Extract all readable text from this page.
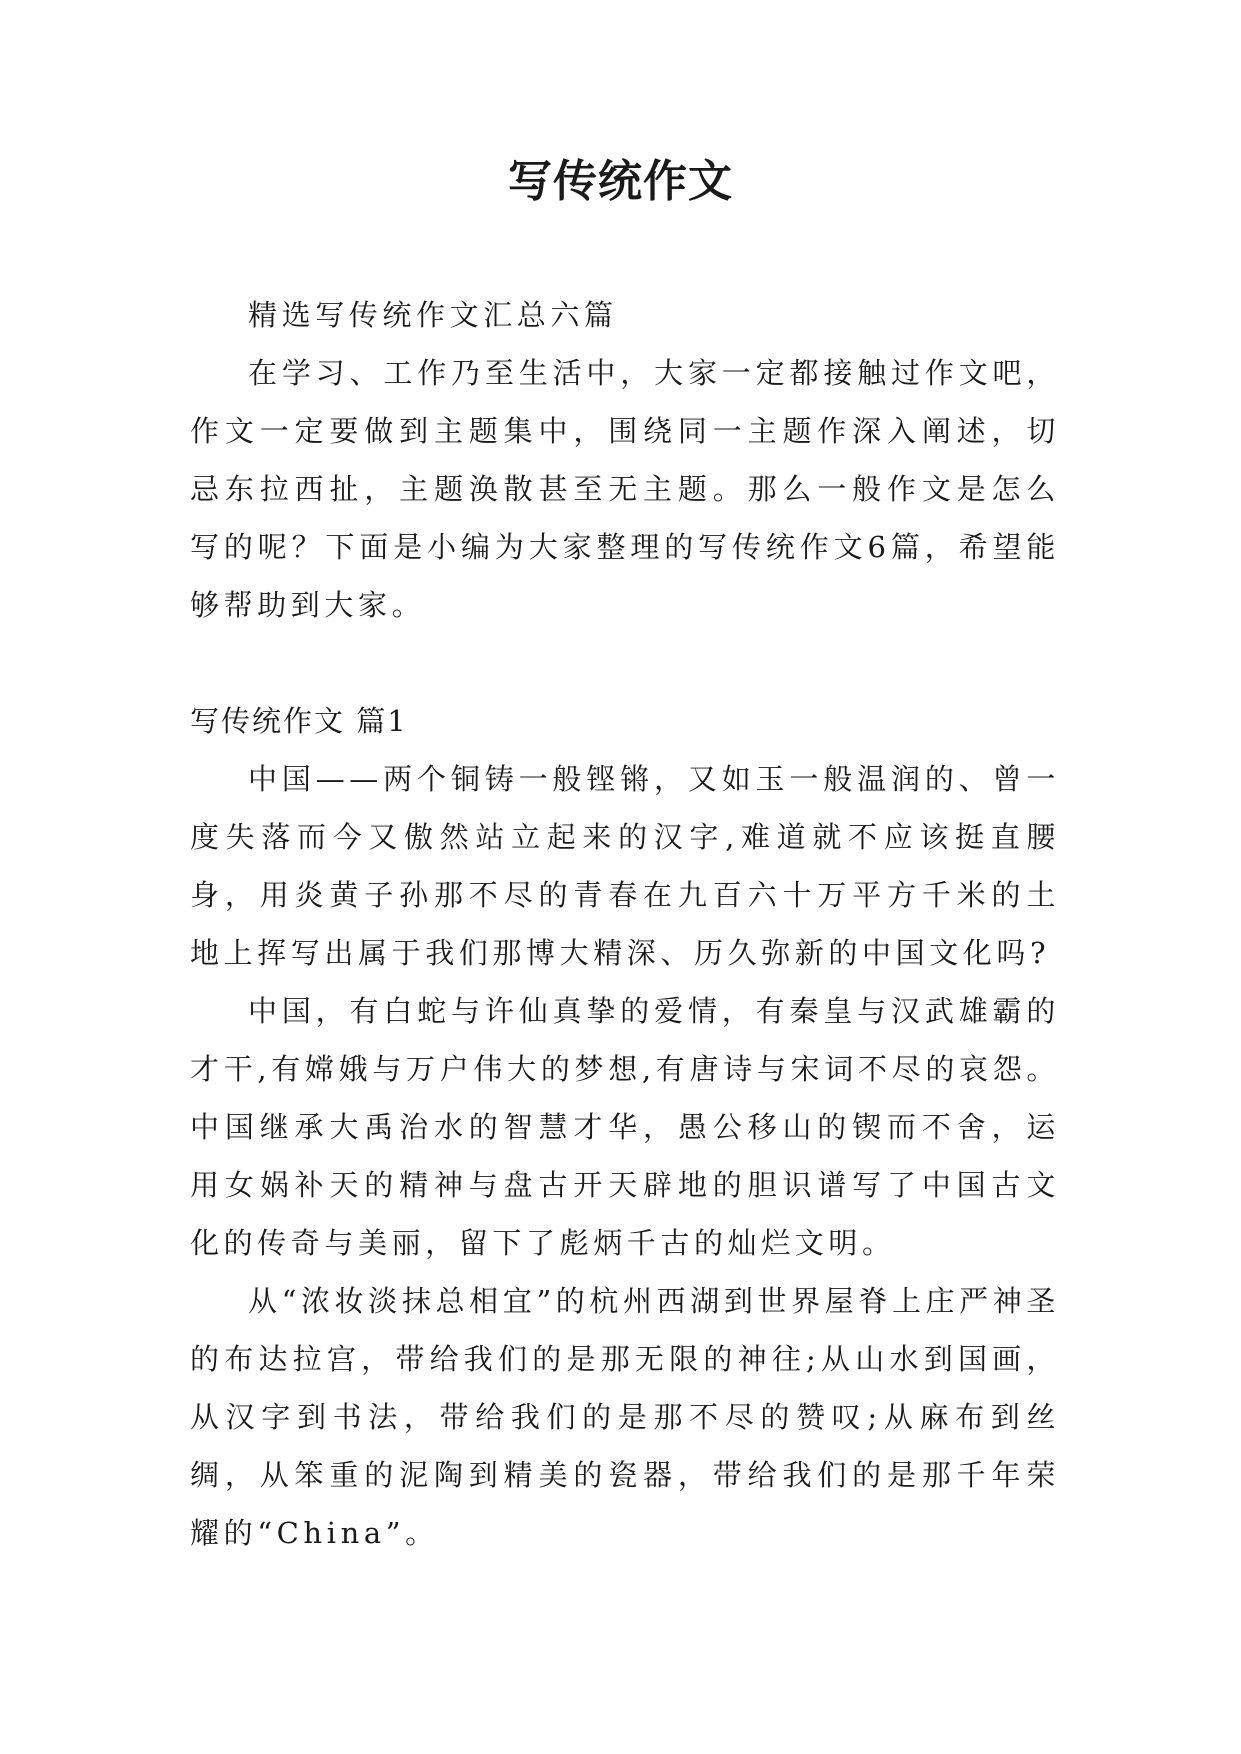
写传统作文

精选写传统作文汇总六篇

在学习、工作乃至生活中，大家一定都接触过作文吧，作文一定要做到主题集中，围绕同一主题作深入阐述，切忌东拉西扯，主题涣散甚至无主题。那么一般作文是怎么写的呢？下面是小编为大家整理的写传统作文6篇，希望能够帮助到大家。

写传统作文 篇1

中国——两个铜铸一般铿锵，又如玉一般温润的、曾一度失落而今又傲然站立起来的汉字,难道就不应该挺直腰身，用炎黄子孙那不尽的青春在九百六十万平方千米的土地上挥写出属于我们那博大精深、历久弥新的中国文化吗?

中国，有白蛇与许仙真挚的爱情，有秦皇与汉武雄霸的才干,有嫦娥与万户伟大的梦想,有唐诗与宋词不尽的哀怨。中国继承大禹治水的智慧才华，愚公移山的锲而不舍，运用女娲补天的精神与盘古开天辟地的胆识谱写了中国古文化的传奇与美丽，留下了彪炳千古的灿烂文明。

从“浓妆淡抹总相宜”的杭州西湖到世界屋脊上庄严神圣的布达拉宫，带给我们的是那无限的神往;从山水到国画，从汉字到书法，带给我们的是那不尽的赞叹;从麻布到丝绸，从笨重的泥陶到精美的瓷器，带给我们的是那千年荣耀的“China”。
